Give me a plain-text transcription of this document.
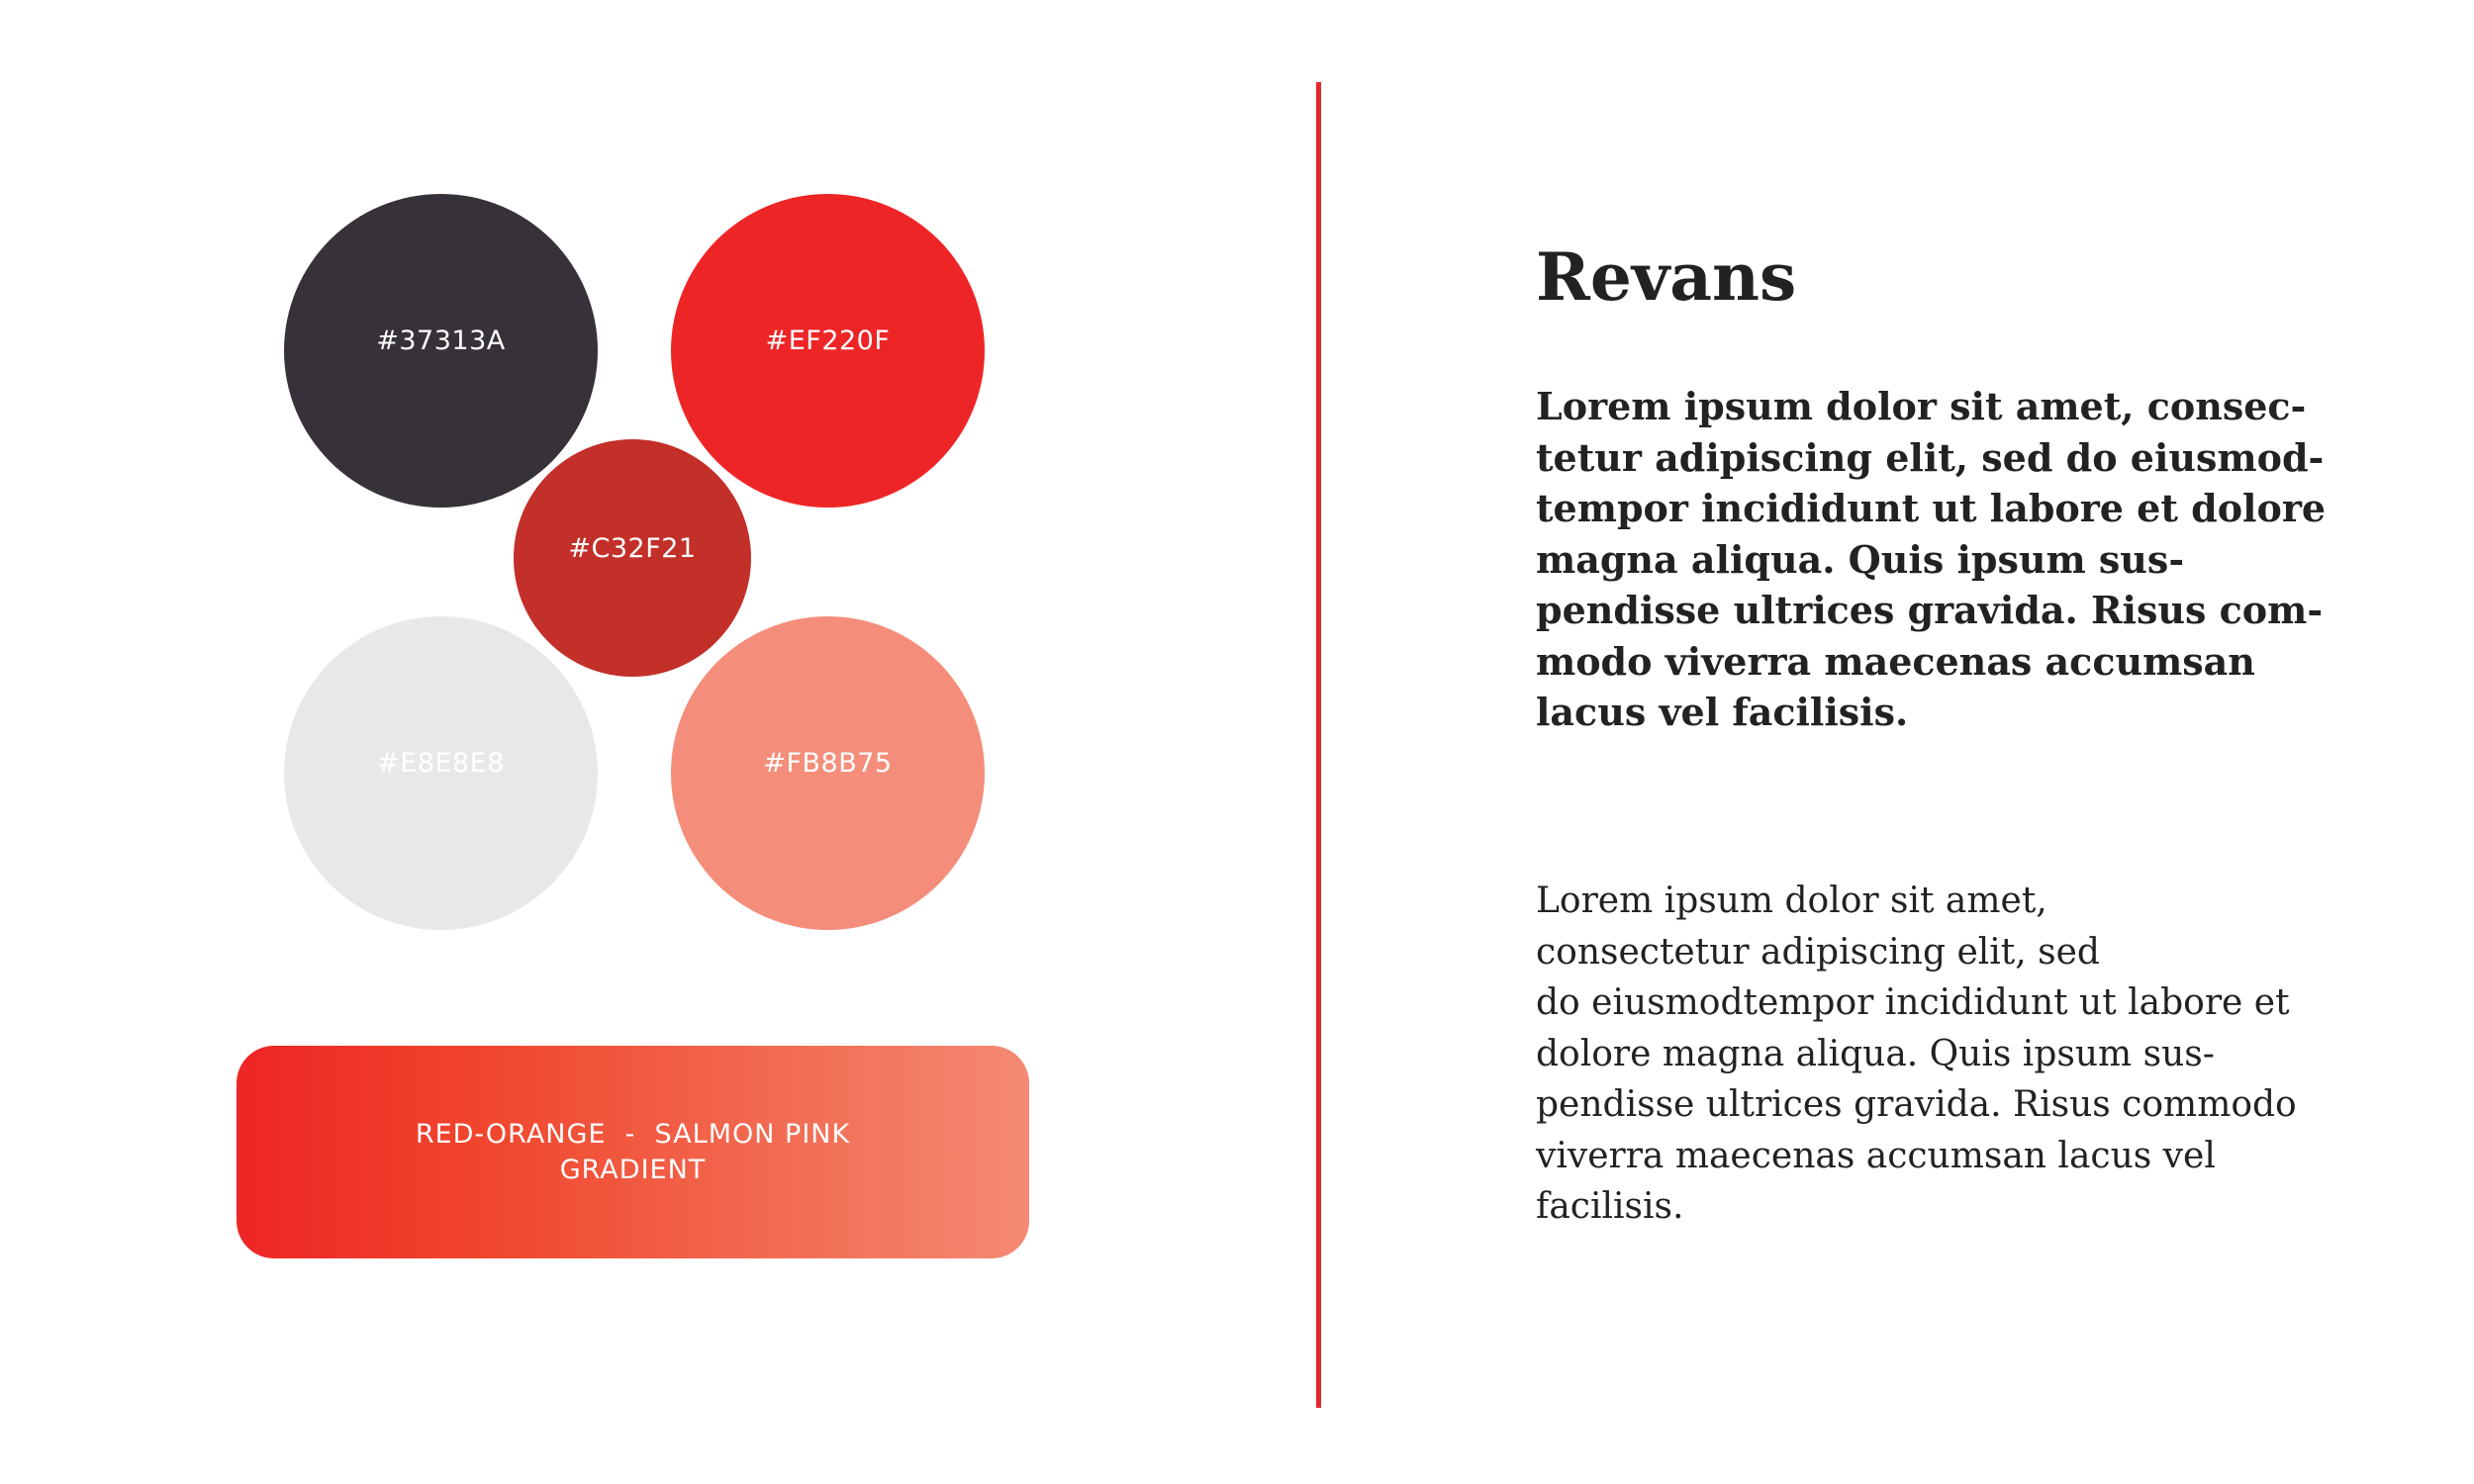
#37313A	#EF220F
#C32F21
#E8E8E8	#FB8B75
RED-ORANGE  -  SALMON PINK
GRADIENT
Revans

Lorem ipsum dolor sit amet, consec-
tetur adipiscing elit, sed do eiusmod-
tempor incididunt ut labore et dolore
magna aliqua. Quis ipsum sus-
pendisse ultrices gravida. Risus com-
modo viverra maecenas accumsan
lacus vel facilisis.

Lorem ipsum dolor sit amet,
consectetur adipiscing elit, sed
do eiusmodtempor incididunt ut labore et
dolore magna aliqua. Quis ipsum sus-
pendisse ultrices gravida. Risus commodo
viverra maecenas accumsan lacus vel
facilisis.
